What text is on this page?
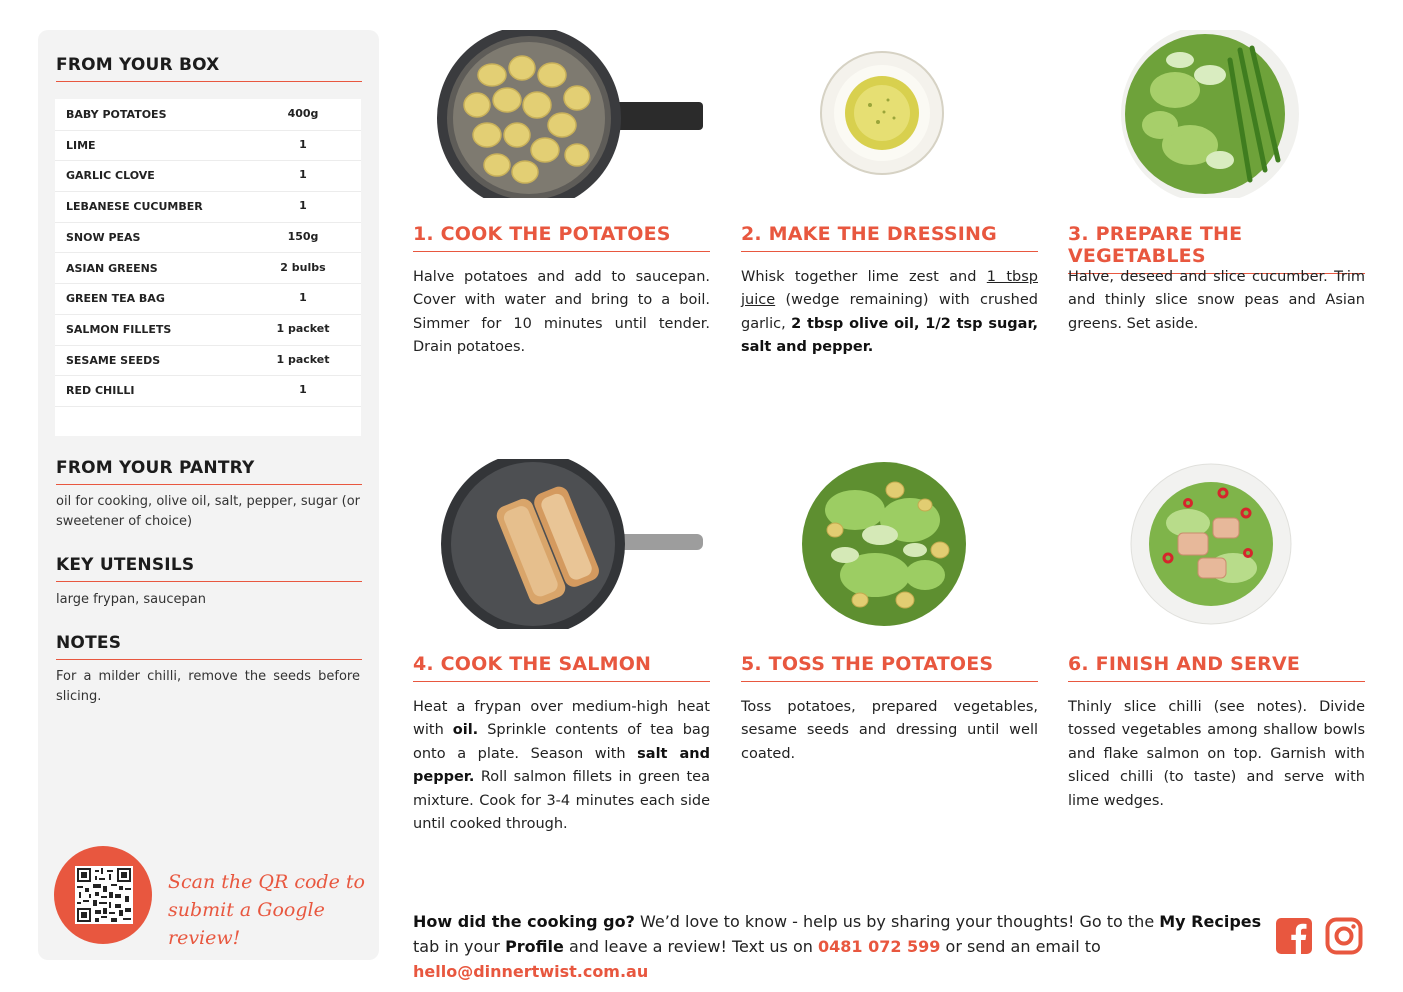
FROM YOUR BOX
BABY POTATOES	400g
LIME	1
GARLIC CLOVE	1
LEBANESE CUCUMBER	1
SNOW PEAS	150g
ASIAN GREENS	2 bulbs
GREEN TEA BAG	1
SALMON FILLETS	1 packet
SESAME SEEDS	1 packet
RED CHILLI	1
FROM YOUR PANTRY
oil for cooking, olive oil, salt, pepper, sugar (or sweetener of choice)
KEY UTENSILS
large frypan, saucepan
NOTES
For a milder chilli, remove the seeds before slicing.
Scan the QR code to
submit a Google review!
1. COOK THE POTATOES
Halve potatoes and add to saucepan. Cover with water and bring to a boil. Simmer for 10 minutes until tender. Drain potatoes.
2. MAKE THE DRESSING
Whisk together lime zest and 1 tbsp juice (wedge remaining) with crushed garlic, 2 tbsp olive oil, 1/2 tsp sugar, salt and pepper.
3. PREPARE THE VEGETABLES
Halve, deseed and slice cucumber. Trim and thinly slice snow peas and Asian greens. Set aside.
4. COOK THE SALMON
Heat a frypan over medium-high heat with oil. Sprinkle contents of tea bag onto a plate. Season with salt and pepper. Roll salmon fillets in green tea mixture. Cook for 3-4 minutes each side until cooked through.
5. TOSS THE POTATOES
Toss potatoes, prepared vegetables, sesame seeds and dressing until well coated.
6. FINISH AND SERVE
Thinly slice chilli (see notes). Divide tossed vegetables among shallow bowls and flake salmon on top. Garnish with sliced chilli (to taste) and serve with lime wedges.
How did the cooking go? We’d love to know - help us by sharing your thoughts! Go to the My Recipes tab in your Profile and leave a review! Text us on 0481 072 599 or send an email to hello@dinnertwist.com.au
